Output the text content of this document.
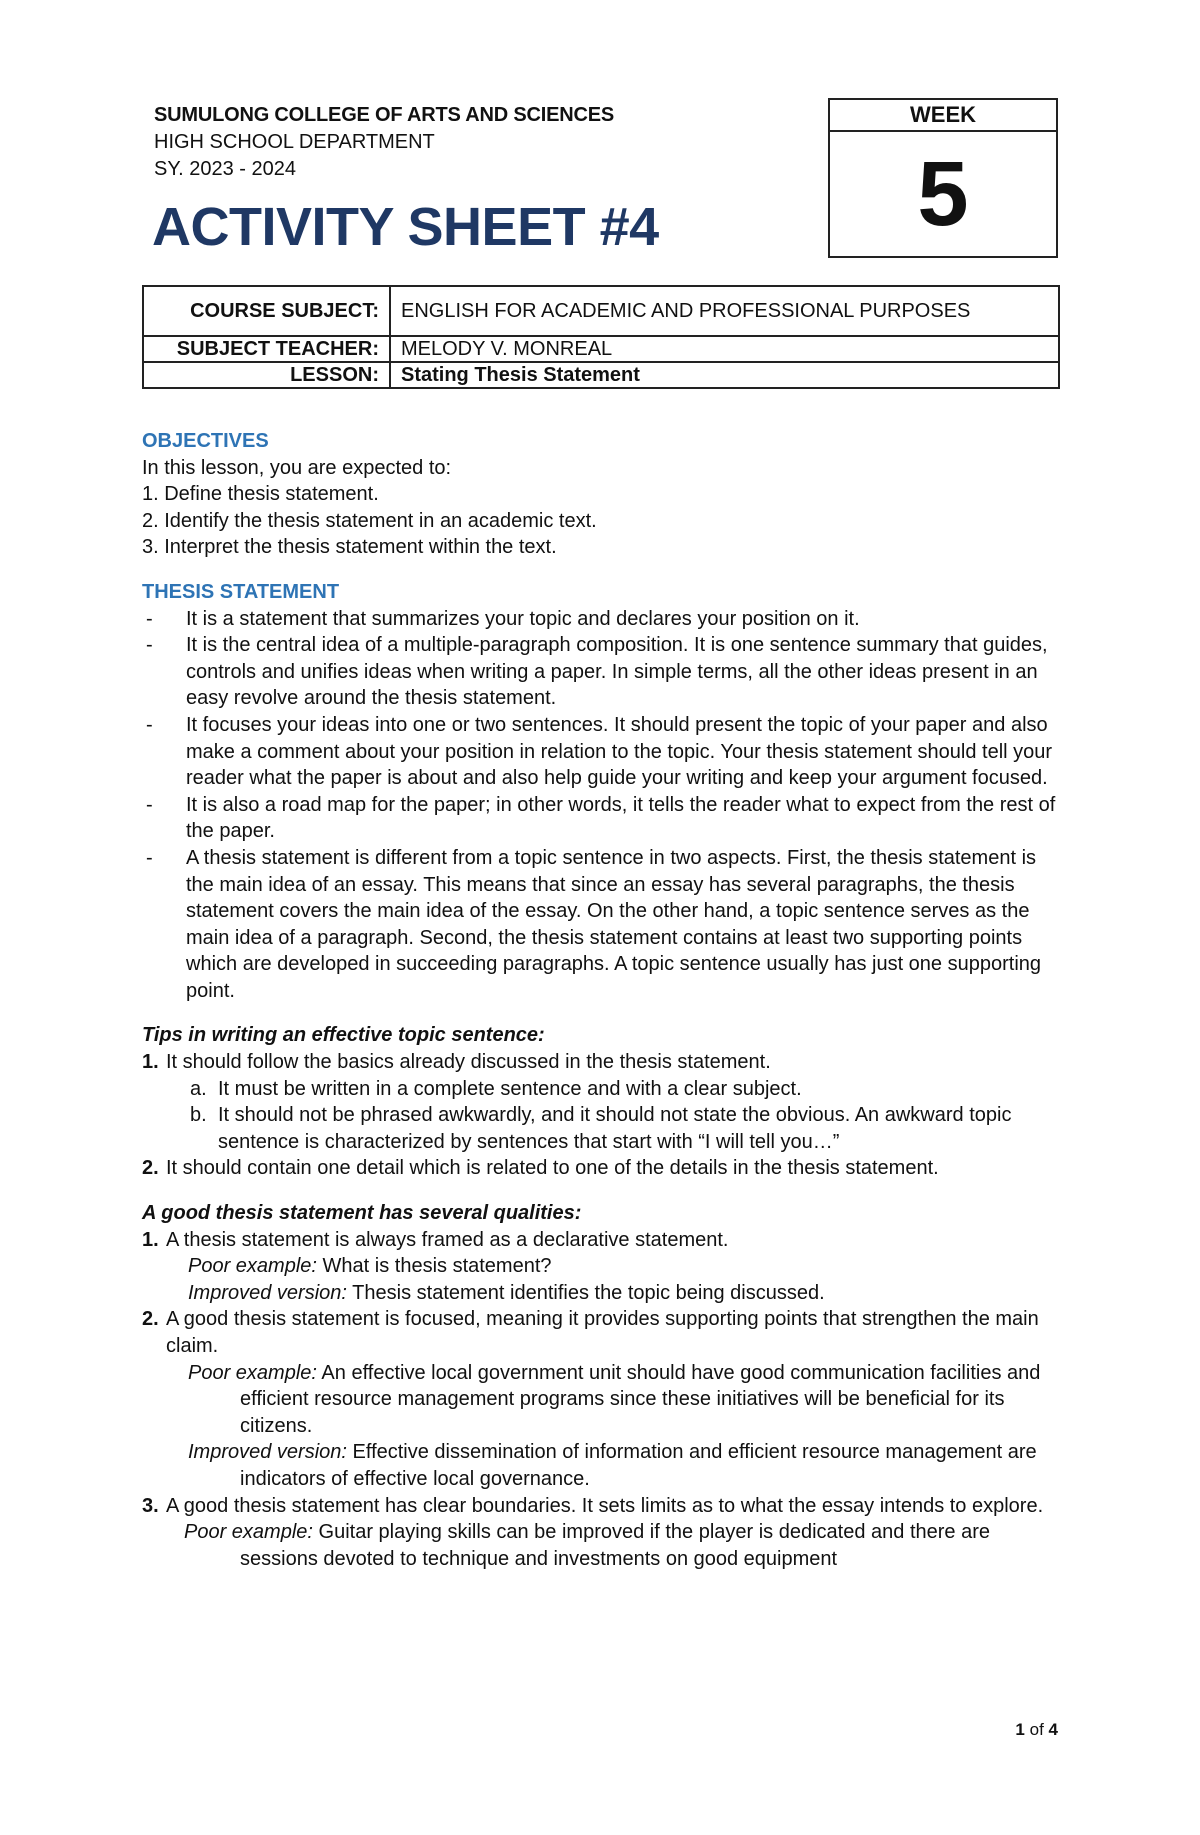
SUMULONG COLLEGE OF ARTS AND SCIENCES
HIGH SCHOOL DEPARTMENT
SY. 2023 - 2024
ACTIVITY SHEET #4
WEEK
5
COURSE SUBJECT:	ENGLISH FOR ACADEMIC AND PROFESSIONAL PURPOSES
SUBJECT TEACHER:	MELODY V. MONREAL
LESSON:	Stating Thesis Statement
OBJECTIVES
In this lesson, you are expected to:
1. Define thesis statement.
2. Identify the thesis statement in an academic text.
3. Interpret the thesis statement within the text.
THESIS STATEMENT
-	It is a statement that summarizes your topic and declares your position on it.
-	It is the central idea of a multiple-paragraph composition. It is one sentence summary that guides, controls and unifies ideas when writing a paper. In simple terms, all the other ideas present in an easy revolve around the thesis statement.
-	It focuses your ideas into one or two sentences. It should present the topic of your paper and also make a comment about your position in relation to the topic. Your thesis statement should tell your reader what the paper is about and also help guide your writing and keep your argument focused.
-	It is also a road map for the paper; in other words, it tells the reader what to expect from the rest of the paper.
-	A thesis statement is different from a topic sentence in two aspects. First, the thesis statement is the main idea of an essay. This means that since an essay has several paragraphs, the thesis statement covers the main idea of the essay. On the other hand, a topic sentence serves as the main idea of a paragraph. Second, the thesis statement contains at least two supporting points which are developed in succeeding paragraphs. A topic sentence usually has just one supporting point.
Tips in writing an effective topic sentence:
1. It should follow the basics already discussed in the thesis statement.
a. It must be written in a complete sentence and with a clear subject.
b. It should not be phrased awkwardly, and it should not state the obvious. An awkward topic sentence is characterized by sentences that start with “I will tell you…”
2. It should contain one detail which is related to one of the details in the thesis statement.
A good thesis statement has several qualities:
1. A thesis statement is always framed as a declarative statement.
Poor example: What is thesis statement?
Improved version: Thesis statement identifies the topic being discussed.
2. A good thesis statement is focused, meaning it provides supporting points that strengthen the main claim.
Poor example: An effective local government unit should have good communication facilities and efficient resource management programs since these initiatives will be beneficial for its citizens.
Improved version: Effective dissemination of information and efficient resource management are indicators of effective local governance.
3. A good thesis statement has clear boundaries. It sets limits as to what the essay intends to explore.
Poor example: Guitar playing skills can be improved if the player is dedicated and there are sessions devoted to technique and investments on good equipment
1 of 4
